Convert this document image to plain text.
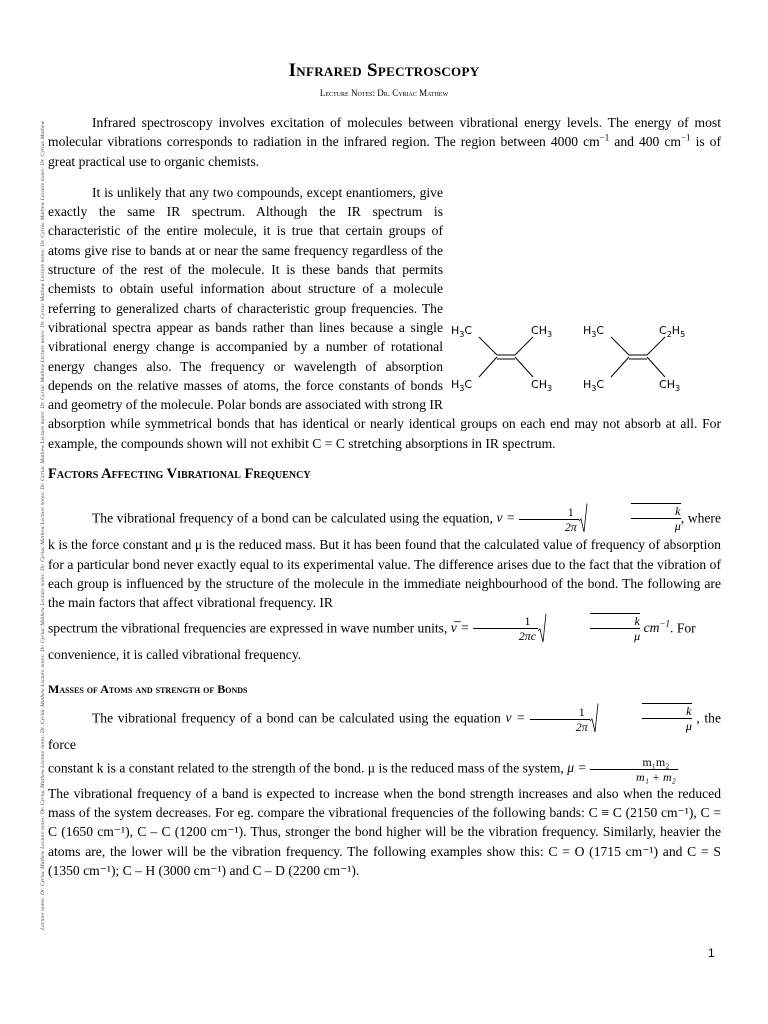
Lecture notes: Dr. Cyriac Mathew Lecture notes: Dr. Cyriac Mathew Lecture notes: Dr. Cyriac Mathew Lecture notes: Dr. Cyriac Mathew Lecture notes: Dr. Cyriac Mathew Lecture notes: Dr. Cyriac Mathew Lecture notes: Dr. Cyriac Mathew Lecture notes: Dr. Cyriac Mathew Lecture notes: Dr. Cyriac Mathew Lecture notes: Dr. Cyriac Mathew
Infrared Spectroscopy
Lecture Notes: Dr. Cyriac Mathew

Infrared spectroscopy involves excitation of molecules between vibrational energy levels. The energy of most molecular vibrations corresponds to radiation in the infrared region. The region between 4000 $cm^{-1}$ and 400 $cm^{-1}$ is of great practical use to organic chemists.

$H_3C$	$CH_3$
$H_3C$	$CH_3$
$H_3C$	$C_2H_5$
$H_3C$	$CH_3$

It is unlikely that any two compounds, except enantiomers, give exactly the same IR spectrum. Although the IR spectrum is characteristic of the entire molecule, it is true that certain groups of atoms give rise to bands at or near the same frequency regardless of the structure of the rest of the molecule. It is these bands that permits chemists to obtain useful information about structure of a molecule referring to generalized charts of characteristic group frequencies. The vibrational spectra appear as bands rather than lines because a single vibrational energy change is accompanied by a number of rotational energy changes also. The frequency or wavelength of absorption depends on the relative masses of atoms, the force constants of bonds and geometry of the molecule. Polar bonds are associated with strong IR absorption while symmetrical bonds that has identical or nearly identical groups on each end may not absorb at all. For example, the compounds shown will not exhibit C = C stretching absorptions in IR spectrum.

Factors Affecting Vibrational Frequency

The vibrational frequency of a bond can be calculated using the equation, $\nu = \frac{1}{2\pi}$	$\frac{k}{\mu}$ , where k is the force constant and μ is the reduced mass. But it has been found that the calculated value of frequency of absorption for a particular bond never exactly equal to its experimental value. The difference arises due to the fact that the vibration of each group is influenced by the structure of the molecule in the immediate neighbourhood of the bond. The following are the main factors that affect vibrational frequency. IR
spectrum the vibrational frequencies are expressed in wave number units, ν̅ = $\frac{1}{2\pi c}$	$\frac{k}{\mu} cm^{-1}$. For
convenience, it is called vibrational frequency.

Masses of Atoms and strength of Bonds

The vibrational frequency of a bond can be calculated using the equation $\nu = \frac{1}{2\pi}$	$\frac{k}{\mu}$ , the force
constant k is a constant related to the strength of the bond. μ is the reduced mass of the system, $\mu = \frac{\text{m₁m₂}}{\text{m₁ + m₂}}$

The vibrational frequency of a band is expected to increase when the bond strength increases and also when the reduced mass of the system decreases. For eg. compare the vibrational frequencies of the following bands: C ≡ C (2150 cm⁻¹), C = C (1650 cm⁻¹), C – C (1200 cm⁻¹). Thus, stronger the bond higher will be the vibration frequency. Similarly, heavier the atoms are, the lower will be the vibration frequency. The following examples show this: C = O (1715 cm⁻¹) and C = S (1350 cm⁻¹); C – H (3000 cm⁻¹) and C – D (2200 cm⁻¹).

1
